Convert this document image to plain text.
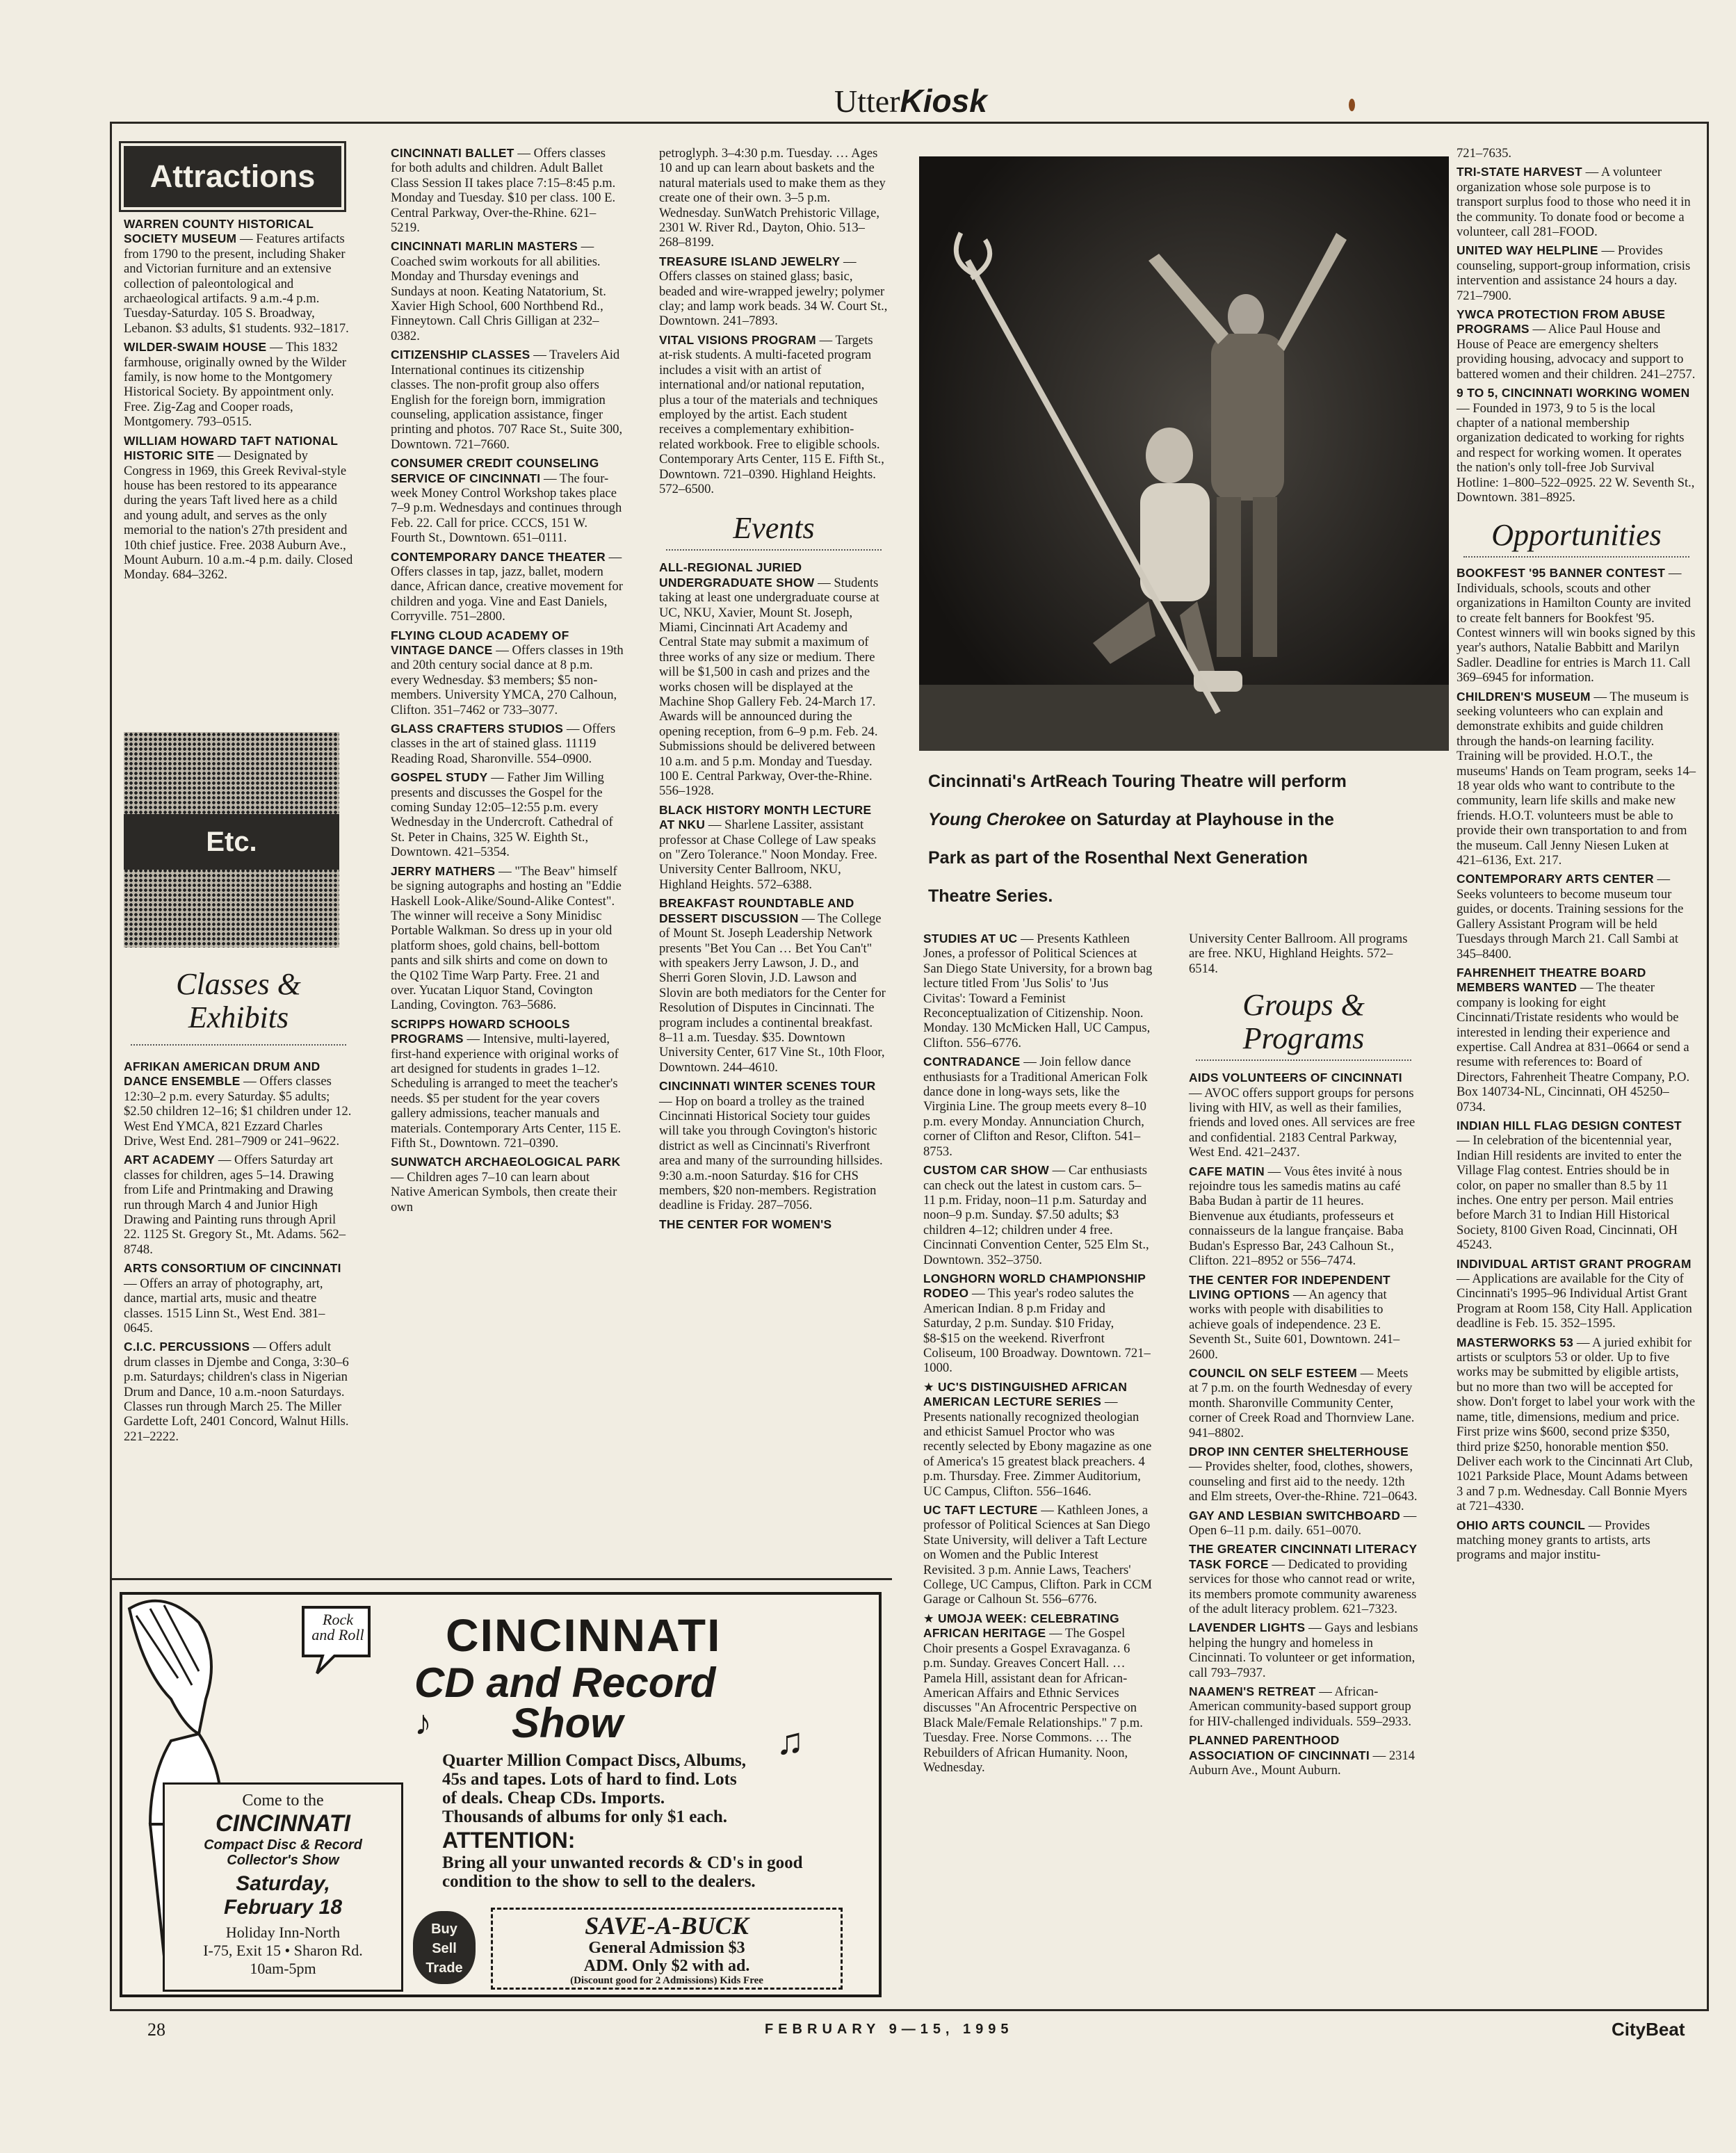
UtterKiosk
Attractions
WARREN COUNTY HISTORICAL SOCIETY MUSEUM — Features artifacts from 1790 to the present, including Shaker and Victorian furniture and an extensive collection of paleontological and archaeological artifacts. 9 a.m.-4 p.m. Tuesday-Saturday. 105 S. Broadway, Lebanon. $3 adults, $1 students. 932–1817.
WILDER-SWAIM HOUSE — This 1832 farmhouse, originally owned by the Wilder family, is now home to the Montgomery Historical Society. By appointment only. Free. Zig-Zag and Cooper roads, Montgomery. 793–0515.
WILLIAM HOWARD TAFT NATIONAL HISTORIC SITE — Designated by Congress in 1969, this Greek Revival-style house has been restored to its appearance during the years Taft lived here as a child and young adult, and serves as the only memorial to the nation's 27th president and 10th chief justice. Free. 2038 Auburn Ave., Mount Auburn. 10 a.m.-4 p.m. daily. Closed Monday. 684–3262.
Etc.
Classes & Exhibits
AFRIKAN AMERICAN DRUM AND DANCE ENSEMBLE — Offers classes 12:30–2 p.m. every Saturday. $5 adults; $2.50 children 12–16; $1 children under 12. West End YMCA, 821 Ezzard Charles Drive, West End. 281–7909 or 241–9622.
ART ACADEMY — Offers Saturday art classes for children, ages 5–14. Drawing from Life and Printmaking and Drawing run through March 4 and Junior High Drawing and Painting runs through April 22. 1125 St. Gregory St., Mt. Adams. 562–8748.
ARTS CONSORTIUM OF CINCINNATI — Offers an array of photography, art, dance, martial arts, music and theatre classes. 1515 Linn St., West End. 381–0645.
C.I.C. PERCUSSIONS — Offers adult drum classes in Djembe and Conga, 3:30–6 p.m. Saturdays; children's class in Nigerian Drum and Dance, 10 a.m.-noon Saturdays. Classes run through March 25. The Miller Gardette Loft, 2401 Concord, Walnut Hills. 221–2222.
CINCINNATI BALLET — Offers classes for both adults and children. Adult Ballet Class Session II takes place 7:15–8:45 p.m. Monday and Tuesday. $10 per class. 100 E. Central Parkway, Over-the-Rhine. 621–5219.
CINCINNATI MARLIN MASTERS — Coached swim workouts for all abilities. Monday and Thursday evenings and Sundays at noon. Keating Natatorium, St. Xavier High School, 600 Northbend Rd., Finneytown. Call Chris Gilligan at 232–0382.
CITIZENSHIP CLASSES — Travelers Aid International continues its citizenship classes. The non-profit group also offers English for the foreign born, immigration counseling, application assistance, finger printing and photos. 707 Race St., Suite 300, Downtown. 721–7660.
CONSUMER CREDIT COUNSELING SERVICE OF CINCINNATI — The four-week Money Control Workshop takes place 7–9 p.m. Wednesdays and continues through Feb. 22. Call for price. CCCS, 151 W. Fourth St., Downtown. 651–0111.
CONTEMPORARY DANCE THEATER — Offers classes in tap, jazz, ballet, modern dance, African dance, creative movement for children and yoga. Vine and East Daniels, Corryville. 751–2800.
FLYING CLOUD ACADEMY OF VINTAGE DANCE — Offers classes in 19th and 20th century social dance at 8 p.m. every Wednesday. $3 members; $5 non-members. University YMCA, 270 Calhoun, Clifton. 351–7462 or 733–3077.
GLASS CRAFTERS STUDIOS — Offers classes in the art of stained glass. 11119 Reading Road, Sharonville. 554–0900.
GOSPEL STUDY — Father Jim Willing presents and discusses the Gospel for the coming Sunday 12:05–12:55 p.m. every Wednesday in the Undercroft. Cathedral of St. Peter in Chains, 325 W. Eighth St., Downtown. 421–5354.
JERRY MATHERS — "The Beav" himself be signing autographs and hosting an "Eddie Haskell Look-Alike/Sound-Alike Contest". The winner will receive a Sony Minidisc Portable Walkman. So dress up in your old platform shoes, gold chains, bell-bottom pants and silk shirts and come on down to the Q102 Time Warp Party. Free. 21 and over. Yucatan Liquor Stand, Covington Landing, Covington. 763–5686.
SCRIPPS HOWARD SCHOOLS PROGRAMS — Intensive, multi-layered, first-hand experience with original works of art designed for students in grades 1–12. Scheduling is arranged to meet the teacher's needs. $5 per student for the year covers gallery admissions, teacher manuals and materials. Contemporary Arts Center, 115 E. Fifth St., Downtown. 721–0390.
SUNWATCH ARCHAEOLOGICAL PARK — Children ages 7–10 can learn about Native American Symbols, then create their own
petroglyph. 3–4:30 p.m. Tuesday. … Ages 10 and up can learn about baskets and the natural materials used to make them as they create one of their own. 3–5 p.m. Wednesday. SunWatch Prehistoric Village, 2301 W. River Rd., Dayton, Ohio. 513–268–8199.
TREASURE ISLAND JEWELRY — Offers classes on stained glass; basic, beaded and wire-wrapped jewelry; polymer clay; and lamp work beads. 34 W. Court St., Downtown. 241–7893.
VITAL VISIONS PROGRAM — Targets at-risk students. A multi-faceted program includes a visit with an artist of international and/or national reputation, plus a tour of the materials and techniques employed by the artist. Each student receives a complementary exhibition-related workbook. Free to eligible schools. Contemporary Arts Center, 115 E. Fifth St., Downtown. 721–0390. Highland Heights. 572–6500.
Events
ALL-REGIONAL JURIED UNDERGRADUATE SHOW — Students taking at least one undergraduate course at UC, NKU, Xavier, Mount St. Joseph, Miami, Cincinnati Art Academy and Central State may submit a maximum of three works of any size or medium. There will be $1,500 in cash and prizes and the works chosen will be displayed at the Machine Shop Gallery Feb. 24-March 17. Awards will be announced during the opening reception, from 6–9 p.m. Feb. 24. Submissions should be delivered between 10 a.m. and 5 p.m. Monday and Tuesday. 100 E. Central Parkway, Over-the-Rhine. 556–1928.
BLACK HISTORY MONTH LECTURE AT NKU — Sharlene Lassiter, assistant professor at Chase College of Law speaks on "Zero Tolerance." Noon Monday. Free. University Center Ballroom, NKU, Highland Heights. 572–6388.
BREAKFAST ROUNDTABLE AND DESSERT DISCUSSION — The College of Mount St. Joseph Leadership Network presents "Bet You Can … Bet You Can't" with speakers Jerry Lawson, J. D., and Sherri Goren Slovin, J.D. Lawson and Slovin are both mediators for the Center for Resolution of Disputes in Cincinnati. The program includes a continental breakfast. 8–11 a.m. Tuesday. $35. Downtown University Center, 617 Vine St., 10th Floor, Downtown. 244–4610.
CINCINNATI WINTER SCENES TOUR — Hop on board a trolley as the trained Cincinnati Historical Society tour guides will take you through Covington's historic district as well as Cincinnati's Riverfront area and many of the surrounding hillsides. 9:30 a.m.-noon Saturday. $16 for CHS members, $20 non-members. Registration deadline is Friday. 287–7056.
THE CENTER FOR WOMEN'S
Cincinnati's ArtReach Touring Theatre will perform
Young Cherokee on Saturday at Playhouse in the
Park as part of the Rosenthal Next Generation
Theatre Series.
STUDIES AT UC — Presents Kathleen Jones, a professor of Political Sciences at San Diego State University, for a brown bag lecture titled From 'Jus Solis' to 'Jus Civitas': Toward a Feminist Reconceptualization of Citizenship. Noon. Monday. 130 McMicken Hall, UC Campus, Clifton. 556–6776.
CONTRADANCE — Join fellow dance enthusiasts for a Traditional American Folk dance done in long-ways sets, like the Virginia Line. The group meets every 8–10 p.m. every Monday. Annunciation Church, corner of Clifton and Resor, Clifton. 541–8753.
CUSTOM CAR SHOW — Car enthusiasts can check out the latest in custom cars. 5–11 p.m. Friday, noon–11 p.m. Saturday and noon–9 p.m. Sunday. $7.50 adults; $3 children 4–12; children under 4 free. Cincinnati Convention Center, 525 Elm St., Downtown. 352–3750.
LONGHORN WORLD CHAMPIONSHIP RODEO — This year's rodeo salutes the American Indian. 8 p.m Friday and Saturday, 2 p.m. Sunday. $10 Friday, $8-$15 on the weekend. Riverfront Coliseum, 100 Broadway. Downtown. 721–1000.
★ UC'S DISTINGUISHED AFRICAN AMERICAN LECTURE SERIES — Presents nationally recognized theologian and ethicist Samuel Proctor who was recently selected by Ebony magazine as one of America's 15 greatest black preachers. 4 p.m. Thursday. Free. Zimmer Auditorium, UC Campus, Clifton. 556–1646.
UC TAFT LECTURE — Kathleen Jones, a professor of Political Sciences at San Diego State University, will deliver a Taft Lecture on Women and the Public Interest Revisited. 3 p.m. Annie Laws, Teachers' College, UC Campus, Clifton. Park in CCM Garage or Calhoun St. 556–6776.
★ UMOJA WEEK: CELEBRATING AFRICAN HERITAGE — The Gospel Choir presents a Gospel Exravaganza. 6 p.m. Sunday. Greaves Concert Hall. … Pamela Hill, assistant dean for African-American Affairs and Ethnic Services discusses "An Afrocentric Perspective on Black Male/Female Relationships." 7 p.m. Tuesday. Free. Norse Commons. … The Rebuilders of African Humanity. Noon, Wednesday.
University Center Ballroom. All programs are free. NKU, Highland Heights. 572–6514.
Groups & Programs
AIDS VOLUNTEERS OF CINCINNATI — AVOC offers support groups for persons living with HIV, as well as their families, friends and loved ones. All services are free and confidential. 2183 Central Parkway, West End. 421–2437.
CAFE MATIN — Vous êtes invité à nous rejoindre tous les samedis matins au café Baba Budan à partir de 11 heures. Bienvenue aux étudiants, professeurs et connaisseurs de la langue française. Baba Budan's Espresso Bar, 243 Calhoun St., Clifton. 221–8952 or 556–7474.
THE CENTER FOR INDEPENDENT LIVING OPTIONS — An agency that works with people with disabilities to achieve goals of independence. 23 E. Seventh St., Suite 601, Downtown. 241–2600.
COUNCIL ON SELF ESTEEM — Meets at 7 p.m. on the fourth Wednesday of every month. Sharonville Community Center, corner of Creek Road and Thornview Lane. 941–8802.
DROP INN CENTER SHELTERHOUSE — Provides shelter, food, clothes, showers, counseling and first aid to the needy. 12th and Elm streets, Over-the-Rhine. 721–0643.
GAY AND LESBIAN SWITCHBOARD — Open 6–11 p.m. daily. 651–0070.
THE GREATER CINCINNATI LITERACY TASK FORCE — Dedicated to providing services for those who cannot read or write, its members promote community awareness of the adult literacy problem. 621–7323.
LAVENDER LIGHTS — Gays and lesbians helping the hungry and homeless in Cincinnati. To volunteer or get information, call 793–7937.
NAAMEN'S RETREAT — African-American community-based support group for HIV-challenged individuals. 559–2933.
PLANNED PARENTHOOD ASSOCIATION OF CINCINNATI — 2314 Auburn Ave., Mount Auburn.
721–7635.
TRI-STATE HARVEST — A volunteer organization whose sole purpose is to transport surplus food to those who need it in the community. To donate food or become a volunteer, call 281–FOOD.
UNITED WAY HELPLINE — Provides counseling, support-group information, crisis intervention and assistance 24 hours a day. 721–7900.
YWCA PROTECTION FROM ABUSE PROGRAMS — Alice Paul House and House of Peace are emergency shelters providing housing, advocacy and support to battered women and their children. 241–2757.
9 TO 5, CINCINNATI WORKING WOMEN — Founded in 1973, 9 to 5 is the local chapter of a national membership organization dedicated to working for rights and respect for working women. It operates the nation's only toll-free Job Survival Hotline: 1–800–522–0925. 22 W. Seventh St., Downtown. 381–8925.
Opportunities
BOOKFEST '95 BANNER CONTEST — Individuals, schools, scouts and other organizations in Hamilton County are invited to create felt banners for Bookfest '95. Contest winners will win books signed by this year's authors, Natalie Babbitt and Marilyn Sadler. Deadline for entries is March 11. Call 369–6945 for information.
CHILDREN'S MUSEUM — The museum is seeking volunteers who can explain and demonstrate exhibits and guide children through the hands-on learning facility. Training will be provided. H.O.T., the museums' Hands on Team program, seeks 14–18 year olds who want to contribute to the community, learn life skills and make new friends. H.O.T. volunteers must be able to provide their own transportation to and from the museum. Call Jenny Niesen Luken at 421–6136, Ext. 217.
CONTEMPORARY ARTS CENTER — Seeks volunteers to become museum tour guides, or docents. Training sessions for the Gallery Assistant Program will be held Tuesdays through March 21. Call Sambi at 345–8400.
FAHRENHEIT THEATRE BOARD MEMBERS WANTED — The theater company is looking for eight Cincinnati/Tristate residents who would be interested in lending their experience and expertise. Call Andrea at 831–0664 or send a resume with references to: Board of Directors, Fahrenheit Theatre Company, P.O. Box 140734-NL, Cincinnati, OH 45250–0734.
INDIAN HILL FLAG DESIGN CONTEST — In celebration of the bicentennial year, Indian Hill residents are invited to enter the Village Flag contest. Entries should be in color, on paper no smaller than 8.5 by 11 inches. One entry per person. Mail entries before March 31 to Indian Hill Historical Society, 8100 Given Road, Cincinnati, OH 45243.
INDIVIDUAL ARTIST GRANT PROGRAM — Applications are available for the City of Cincinnati's 1995–96 Individual Artist Grant Program at Room 158, City Hall. Application deadline is Feb. 15. 352–1595.
MASTERWORKS 53 — A juried exhibit for artists or sculptors 53 or older. Up to five works may be submitted by eligible artists, but no more than two will be accepted for show. Don't forget to label your work with the name, title, dimensions, medium and price. First prize wins $600, second prize $350, third prize $250, honorable mention $50. Deliver each work to the Cincinnati Art Club, 1021 Parkside Place, Mount Adams between 3 and 7 p.m. Wednesday. Call Bonnie Myers at 721–4330.
OHIO ARTS COUNCIL — Provides matching money grants to artists, arts programs and major institu-
Rock and Roll CINCINNATI
CD and Record
Show
♪	♫
Quarter Million Compact Discs, Albums, 45s and tapes. Lots of hard to find. Lots of deals. Cheap CDs. Imports. Thousands of albums for only $1 each.
ATTENTION:
Bring all your unwanted records & CD's in good condition to the show to sell to the dealers.
Come to the
CINCINNATI
Compact Disc & Record Collector's Show
Saturday,
February 18
Holiday Inn-North
I-75, Exit 15 • Sharon Rd.
10am-5pm
Buy
Sell
Trade
SAVE-A-BUCK
General Admission $3
ADM. Only $2 with ad.
(Discount good for 2 Admissions) Kids Free
28	FEBRUARY 9—15, 1995	CityBeat
